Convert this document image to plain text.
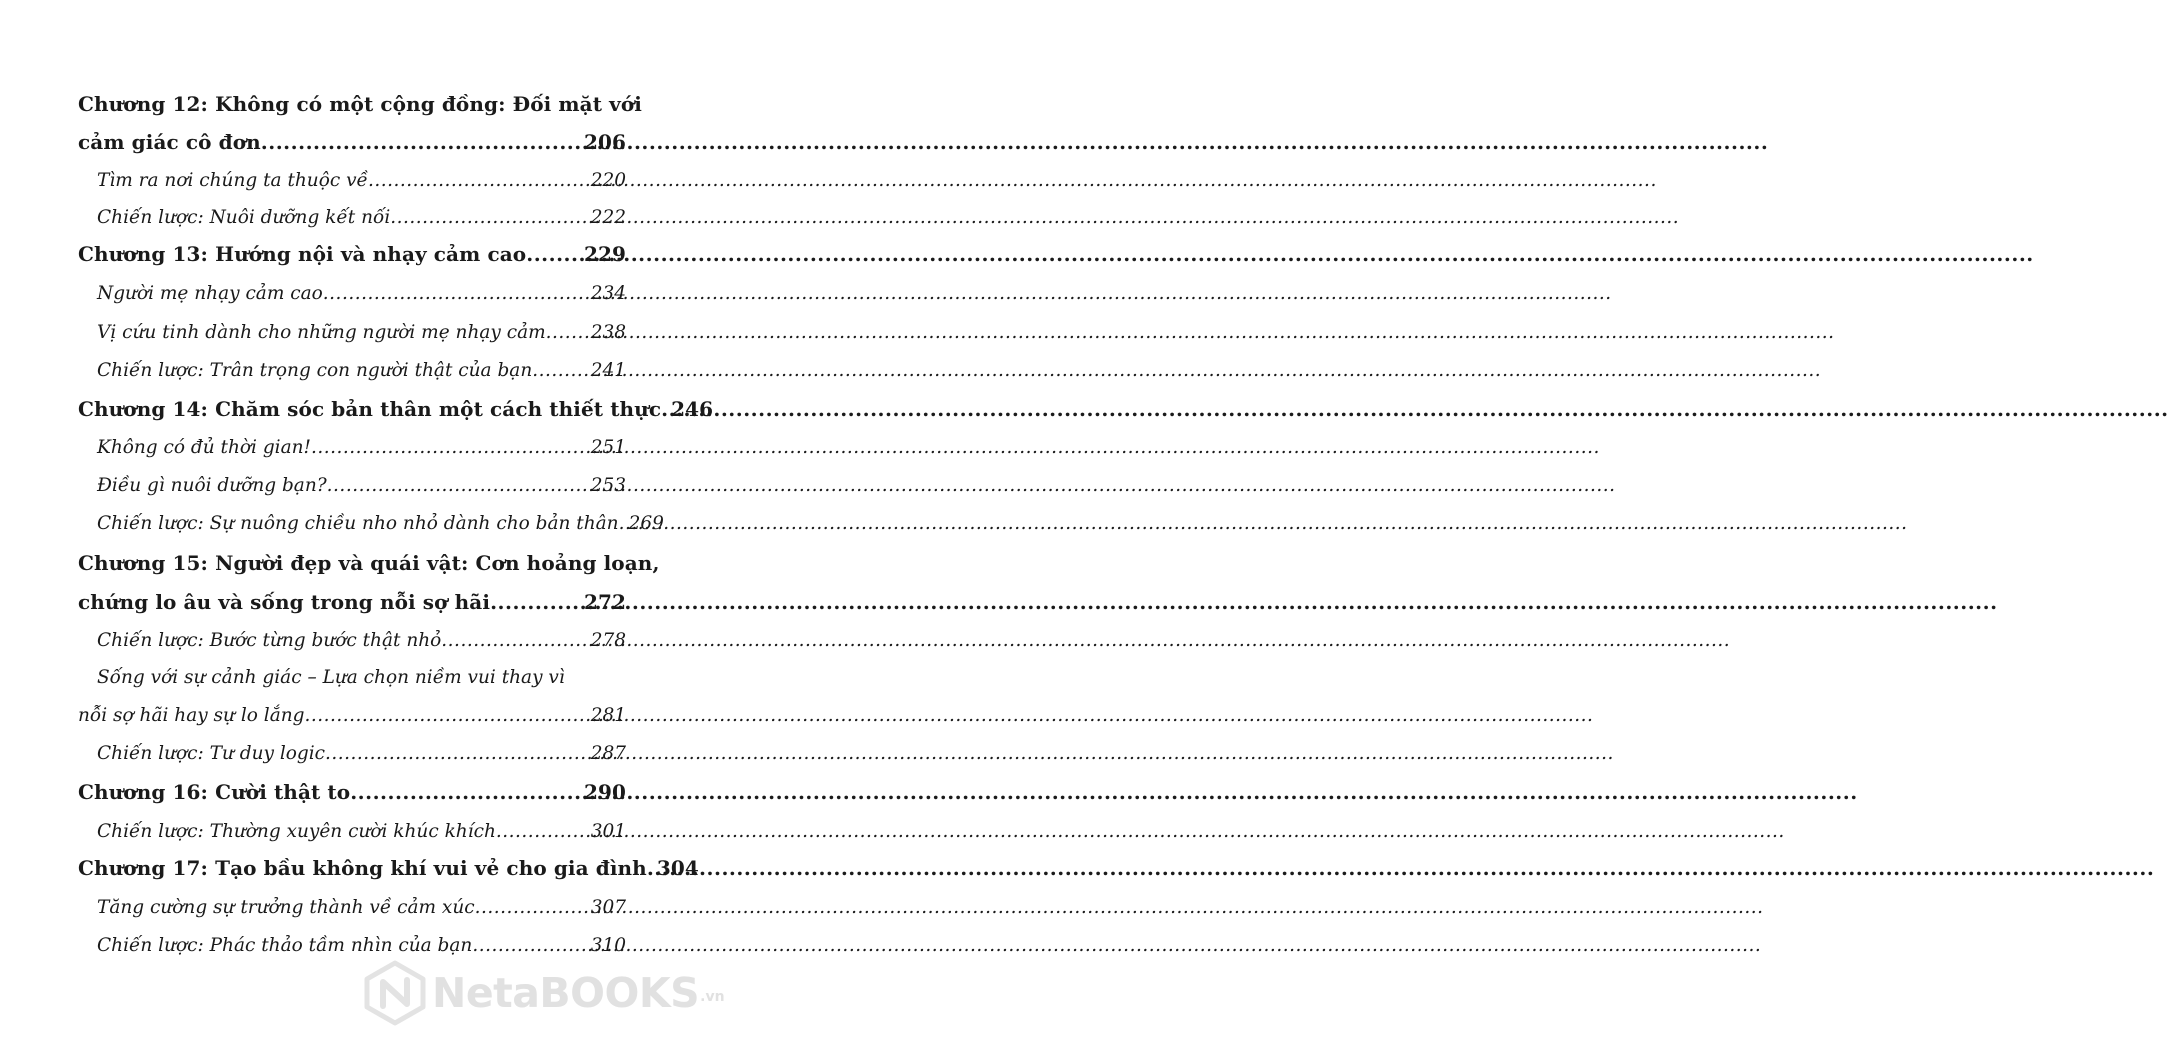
Chương 12: Không có một cộng đồng: Đối mặt với
cảm giác cô đơn .....	206
Tìm ra nơi chúng ta thuộc về .....	220
Chiến lược: Nuôi dưỡng kết nối .....	222
Chương 13: Hướng nội và nhạy cảm cao .....	229
Người mẹ nhạy cảm cao .....	234
Vị cứu tinh dành cho những người mẹ nhạy cảm ..... 238
Chiến lược: Trân trọng con người thật của bạn .....	241
Chương 14: Chăm sóc bản thân một cách thiết thực ..... 246
Không có đủ thời gian! .....	251
Điều gì nuôi dưỡng bạn? .....	253
Chiến lược: Sự nuông chiều nho nhỏ dành cho bản thân ..... 269
Chương 15: Người đẹp và quái vật: Cơn hoảng loạn,
chứng lo âu và sống trong nỗi sợ hãi .....	272
Chiến lược: Bước từng bước thật nhỏ .....	278
Sống với sự cảnh giác – Lựa chọn niềm vui thay vì
nỗi sợ hãi hay sự lo lắng .....	281
Chiến lược: Tư duy logic .....	287
Chương 16: Cười thật to .....	290
Chiến lược: Thường xuyên cười khúc khích .....	301
Chương 17: Tạo bầu không khí vui vẻ cho gia đình ..... 304
Tăng cường sự trưởng thành về cảm xúc .....	307
Chiến lược: Phác thảo tầm nhìn của bạn .....	310
NetaBOOKS .vn
